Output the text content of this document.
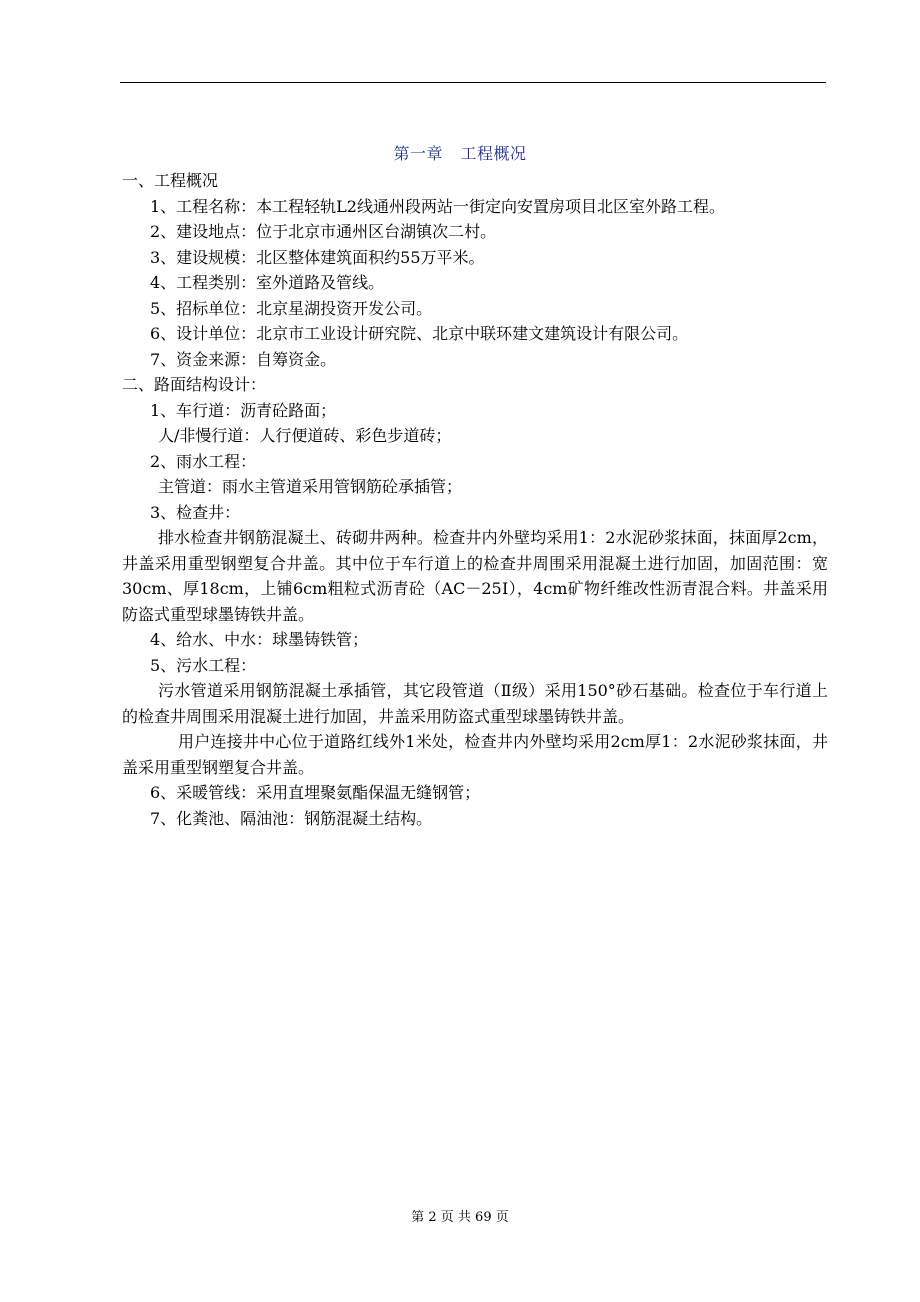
第一章 工程概况
一、工程概况
1、工程名称：本工程轻轨L2线通州段两站一街定向安置房项目北区室外路工程。
2、建设地点：位于北京市通州区台湖镇次二村。
3、建设规模：北区整体建筑面积约55万平米。
4、工程类别：室外道路及管线。
5、招标单位：北京星湖投资开发公司。
6、设计单位：北京市工业设计研究院、北京中联环建文建筑设计有限公司。
7、资金来源：自筹资金。
二、路面结构设计：
1、车行道：沥青砼路面；
人/非慢行道：人行便道砖、彩色步道砖；
2、雨水工程：
主管道：雨水主管道采用管钢筋砼承插管；
3、检查井：
排水检查井钢筋混凝土、砖砌井两种。检查井内外壁均采用1：2水泥砂浆抹面，抹面厚2cm，井盖采用重型钢塑复合井盖。其中位于车行道上的检查井周围采用混凝土进行加固，加固范围：宽30cm、厚18cm，上铺6cm粗粒式沥青砼（AC－25Ⅰ），4cm矿物纤维改性沥青混合料。井盖采用防盗式重型球墨铸铁井盖。
4、给水、中水：球墨铸铁管；
5、污水工程：
污水管道采用钢筋混凝土承插管，其它段管道（Ⅱ级）采用150°砂石基础。检查位于车行道上的检查井周围采用混凝土进行加固，井盖采用防盗式重型球墨铸铁井盖。
用户连接井中心位于道路红线外1米处，检查井内外壁均采用2cm厚1：2水泥砂浆抹面，井盖采用重型钢塑复合井盖。
6、采暖管线：采用直埋聚氨酯保温无缝钢管；
7、化粪池、隔油池：钢筋混凝土结构。
第 2 页 共 69 页
